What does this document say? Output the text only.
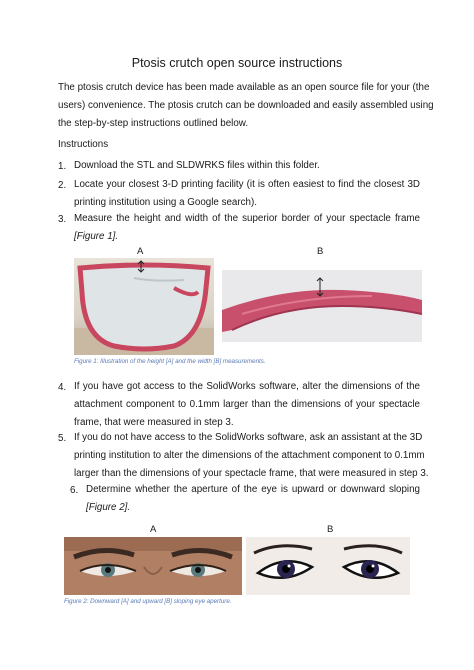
Ptosis crutch open source instructions
The ptosis crutch device has been made available as an open source file for your (the
users) convenience. The ptosis crutch can be downloaded and easily assembled using
the step-by-step instructions outlined below.
Instructions
1. Download the STL and SLDWRKS files within this folder.
2. Locate your closest 3-D printing facility (it is often easiest to find the closest 3D
printing institution using a Google search).
3. Measure the height and width of the superior border of your spectacle frame
[Figure 1].
A	B
Figure 1: Illustration of the height [A] and the width [B] measurements.
4. If you have got access to the SolidWorks software, alter the dimensions of the
attachment component to 0.1mm larger than the dimensions of your spectacle
frame, that were measured in step 3.
5. If you do not have access to the SolidWorks software, ask an assistant at the 3D
printing institution to alter the dimensions of the attachment component to 0.1mm
larger than the dimensions of your spectacle frame, that were measured in step 3.
6. Determine whether the aperture of the eye is upward or downward sloping
[Figure 2].
A	B
Figure 2: Downward [A] and upward [B] sloping eye aperture.
